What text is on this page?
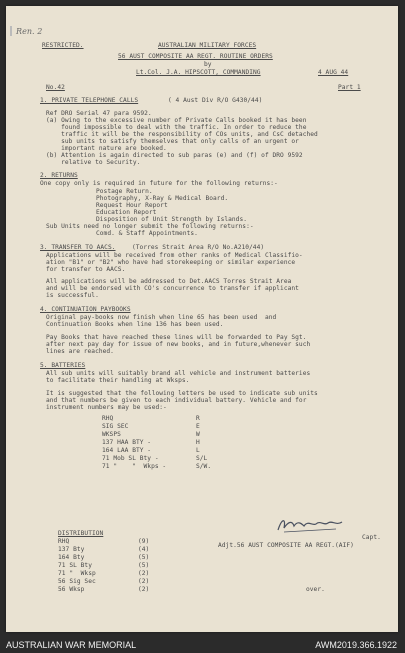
Ren. 2
RESTRICTED.	AUSTRALIAN MILITARY FORCES
56 AUST COMPOSITE AA REGT. ROUTINE ORDERS
by
Lt.Col. J.A. HIPSCOTT, COMMANDING	4 AUG 44
No.42	Part 1
1. PRIVATE TELEPHONE CALLS	( 4 Aust Div R/O G430/44)
Ref DRO Serial 47 para 9592.
(a) Owing to the excessive number of Private Calls booked it has been
found impossible to deal with the traffic. In order to reduce the
traffic it will be the responsibility of COs units, and CsC detached
sub units to satisfy themselves that only calls of an urgent or
important nature are booked.
(b) Attention is again directed to sub paras (e) and (f) of DRO 9592
relative to Security.
2. RETURNS
One copy only is required in future for the following returns:-
Postage Return.
Photography, X-Ray & Medical Board.
Request Hour Report
Education Report
Disposition of Unit Strength by Islands.
Sub Units need no longer submit the following returns:-
Comd. & Staff Appointments.
3. TRANSFER TO AACS.	(Torres Strait Area R/O No.A210/44)
Applications will be received from other ranks of Medical Classifio-
ation "B1" or "B2" who have had storekeeping or similar experience
for transfer to AACS.
All applications will be addressed to Det.AACS Torres Strait Area
and will be endorsed with CO's concurrence to transfer if applicant
is successful.
4. CONTINUATION PAYBOOKS
Original pay-books now finish when line 65 has been used  and
Continuation Books when line 136 has been used.
Pay Books that have reached these lines will be forwarded to Pay Sgt.
after next pay day for issue of new books, and in future,whenever such
lines are reached.
5. BATTERIES
All sub units will suitably brand all vehicle and instrument batteries
to facilitate their handling at Wksps.
It is suggested that the following letters be used to indicate sub units
and that numbers be given to each individual battery. Vehicle and for
instrument numbers may be used:-
RHQ	R
SIG SEC	E
WKSPS	W
137 HAA BTY -	H
164 LAA BTY -	L
71 Mob SL Bty -	S/L
71 "    "  Wkps -	S/W.
Capt.
Adjt.56 AUST COMPOSITE AA REGT.(AIF)
DISTRIBUTION
RHQ	(9)
137 Bty	(4)
164 Bty	(5)
71 SL Bty	(5)
71 "  Wksp	(2)
56 Sig Sec	(2)
56 Wksp	(2)	over.
AUSTRALIAN WAR MEMORIAL	AWM2019.366.1922
